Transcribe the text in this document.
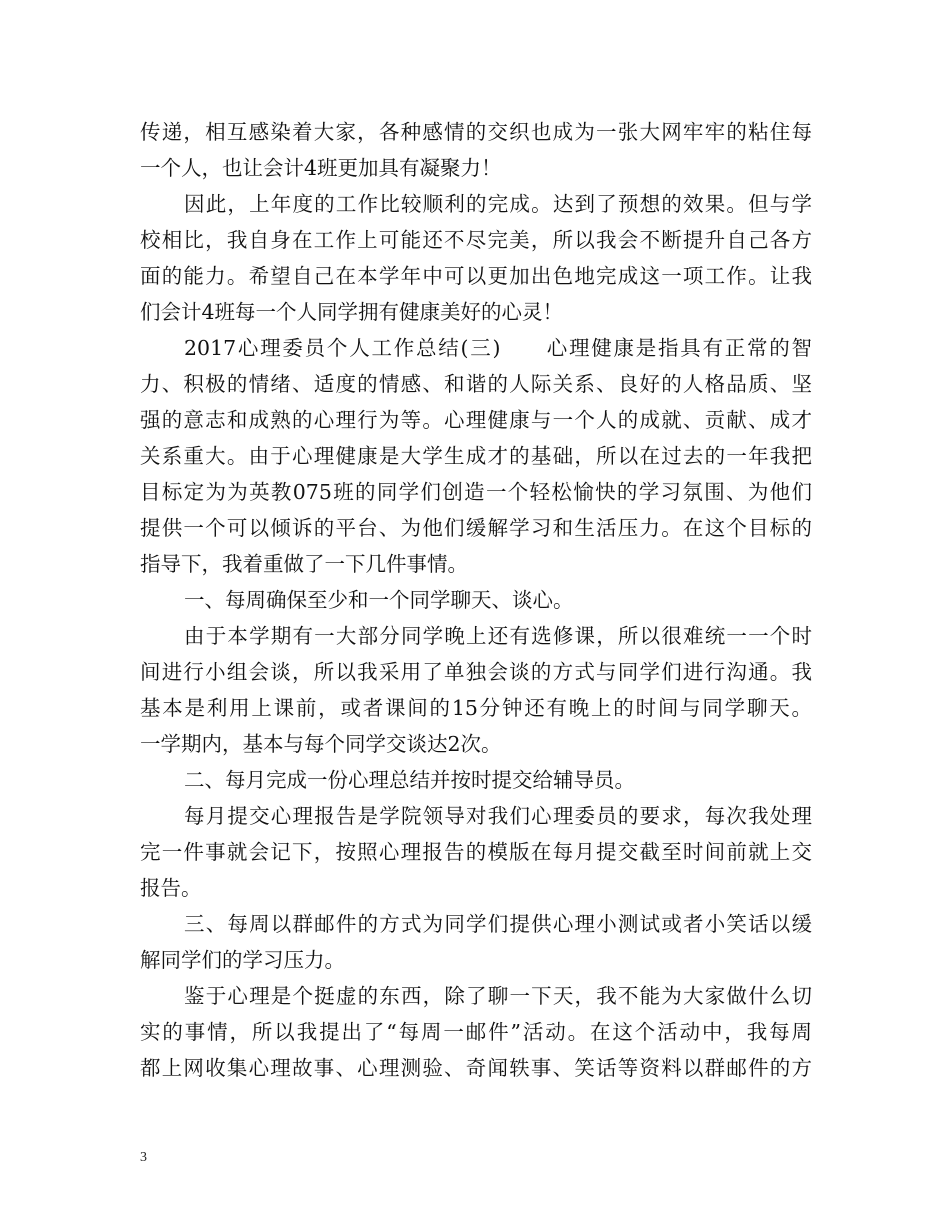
传递，相互感染着大家，各种感情的交织也成为一张大网牢牢的粘住每
一个人，也让会计4班更加具有凝聚力！
因此，上年度的工作比较顺利的完成。达到了预想的效果。但与学
校相比，我自身在工作上可能还不尽完美，所以我会不断提升自己各方
面的能力。希望自己在本学年中可以更加出色地完成这一项工作。让我
们会计4班每一个人同学拥有健康美好的心灵！
2017心理委员个人工作总结(三)　　心理健康是指具有正常的智
力、积极的情绪、适度的情感、和谐的人际关系、良好的人格品质、坚
强的意志和成熟的心理行为等。心理健康与一个人的成就、贡献、成才
关系重大。由于心理健康是大学生成才的基础，所以在过去的一年我把
目标定为为英教075班的同学们创造一个轻松愉快的学习氛围、为他们
提供一个可以倾诉的平台、为他们缓解学习和生活压力。在这个目标的
指导下，我着重做了一下几件事情。
一、每周确保至少和一个同学聊天、谈心。
由于本学期有一大部分同学晚上还有选修课，所以很难统一一个时
间进行小组会谈，所以我采用了单独会谈的方式与同学们进行沟通。我
基本是利用上课前，或者课间的15分钟还有晚上的时间与同学聊天。
一学期内，基本与每个同学交谈达2次。
二、每月完成一份心理总结并按时提交给辅导员。
每月提交心理报告是学院领导对我们心理委员的要求，每次我处理
完一件事就会记下，按照心理报告的模版在每月提交截至时间前就上交
报告。
三、每周以群邮件的方式为同学们提供心理小测试或者小笑话以缓
解同学们的学习压力。
鉴于心理是个挺虚的东西，除了聊一下天，我不能为大家做什么切
实的事情，所以我提出了“每周一邮件”活动。在这个活动中，我每周
都上网收集心理故事、心理测验、奇闻轶事、笑话等资料以群邮件的方
3
